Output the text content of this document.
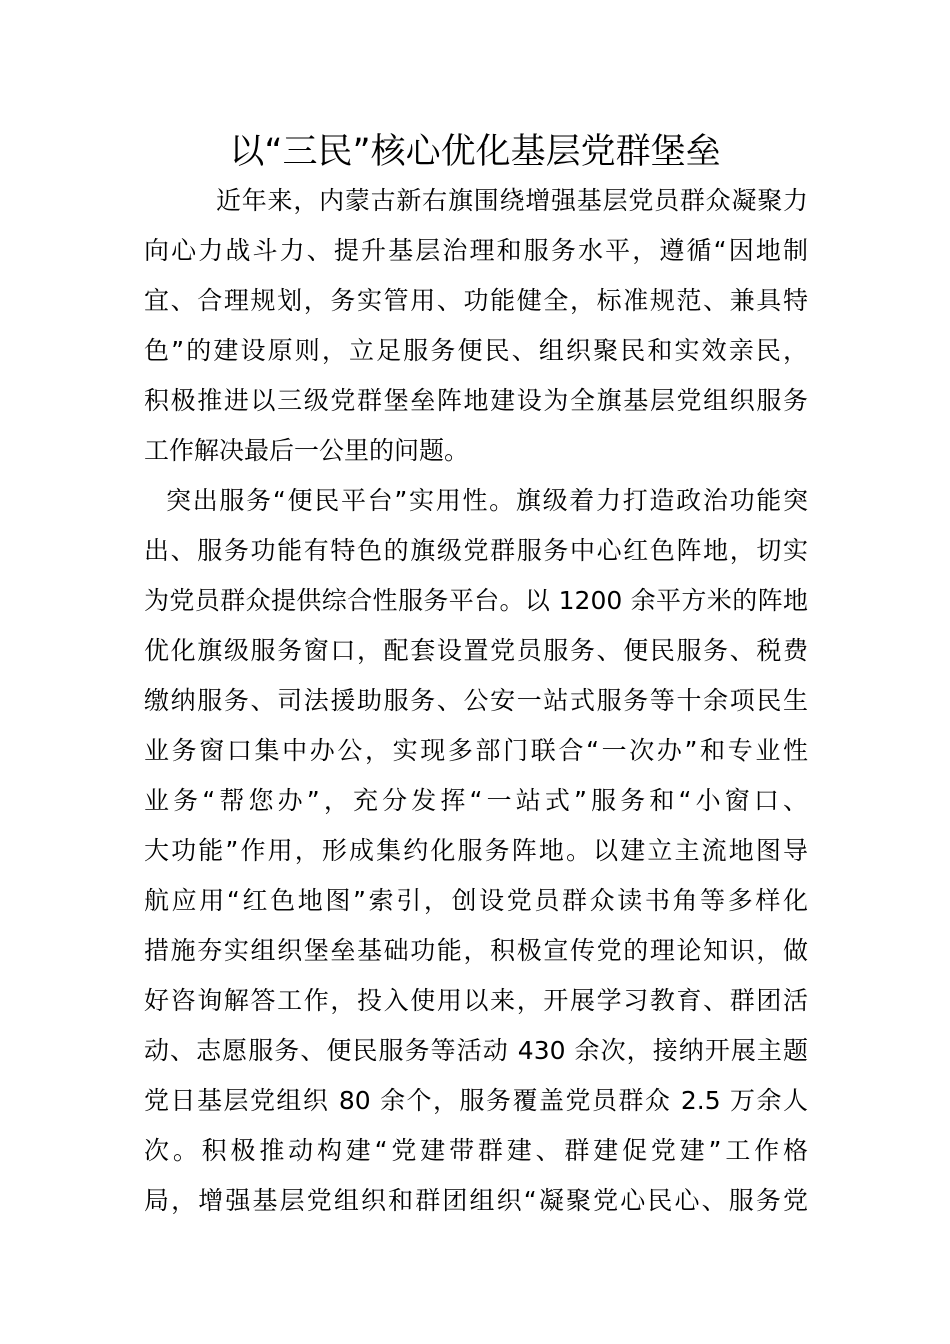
以“三民”核心优化基层党群堡垒
近年来，内蒙古新右旗围绕增强基层党员群众凝聚力
向心力战斗力、提升基层治理和服务水平，遵循“因地制
宜、合理规划，务实管用、功能健全，标准规范、兼具特
色”的建设原则，立足服务便民、组织聚民和实效亲民，
积极推进以三级党群堡垒阵地建设为全旗基层党组织服务
工作解决最后一公里的问题。
突出服务“便民平台”实用性。旗级着力打造政治功能突
出、服务功能有特色的旗级党群服务中心红色阵地，切实
为党员群众提供综合性服务平台。以 1200 余平方米的阵地
优化旗级服务窗口，配套设置党员服务、便民服务、税费
缴纳服务、司法援助服务、公安一站式服务等十余项民生
业务窗口集中办公，实现多部门联合“一次办”和专业性
业务“帮您办”，充分发挥“一站式”服务和“小窗口、
大功能”作用，形成集约化服务阵地。以建立主流地图导
航应用“红色地图”索引，创设党员群众读书角等多样化
措施夯实组织堡垒基础功能，积极宣传党的理论知识，做
好咨询解答工作，投入使用以来，开展学习教育、群团活
动、志愿服务、便民服务等活动 430 余次，接纳开展主题
党日基层党组织 80 余个，服务覆盖党员群众 2.5 万余人
次。积极推动构建“党建带群建、群建促党建”工作格
局，增强基层党组织和群团组织“凝聚党心民心、服务党
